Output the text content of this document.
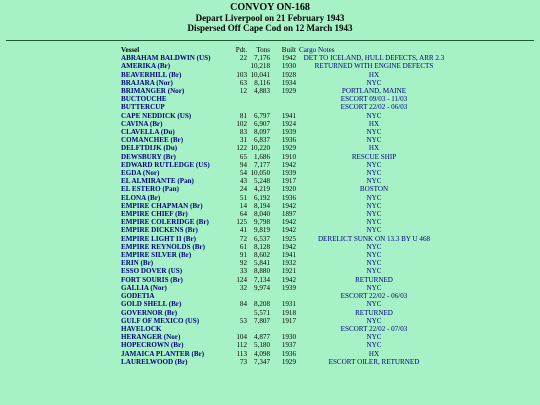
CONVOY ON-168
Depart Liverpool on 21 February 1943
Dispersed Off Cape Cod on 12 March 1943
Vessel	Pdt.	Tons	Built	Cargo Notes
ABRAHAM BALDWIN (US)	22	7,176	1942	DET TO ICELAND, HULL DEFECTS, ARR 2.3
AMERIKA (Br)		10,218	1930	RETURNED WITH ENGINE DEFECTS
BEAVERHILL (Br)	103	10,041	1928	HX
BRAJARA (Nor)	63	8,116	1934	NYC
BRIMANGER (Nor)	12	4,883	1929	PORTLAND, MAINE
BUCTOUCHE				ESCORT 09/03 - 11/03
BUTTERCUP				ESCORT 22/02 - 06/03
CAPE NEDDICK (US)	81	6,797	1941	NYC
CAVINA (Br)	102	6,907	1924	HX
CLAVELLA (Du)	83	8,097	1939	NYC
COMANCHEE (Br)	31	6,837	1936	NYC
DELFTDIJK (Du)	122	10,220	1929	HX
DEWSBURY (Br)	65	1,686	1910	RESCUE SHIP
EDWARD RUTLEDGE (US)	94	7,177	1942	NYC
EGDA (Nor)	54	10,050	1939	NYC
EL ALMIRANTE (Pan)	43	5,248	1917	NYC
EL ESTERO (Pan)	24	4,219	1920	BOSTON
ELONA (Br)	51	6,192	1936	NYC
EMPIRE CHAPMAN (Br)	14	8,194	1942	NYC
EMPIRE CHIEF (Br)	64	8,040	1897	NYC
EMPIRE COLERIDGE (Br)	125	9,798	1942	NYC
EMPIRE DICKENS (Br)	41	9,819	1942	NYC
EMPIRE LIGHT II (Br)	72	6,537	1925	DERELICT SUNK ON 13.3 BY U 468
EMPIRE REYNOLDS (Br)	61	8,128	1942	NYC
EMPIRE SILVER (Br)	91	8,602	1941	NYC
ERIN (Br)	92	5,841	1932	NYC
ESSO DOVER (US)	33	8,880	1921	NYC
FORT SOURIS (Br)	124	7,134	1942	RETURNED
GALLIA (Nor)	32	9,974	1939	NYC
GODETIA				ESCORT 22/02 - 06/03
GOLD SHELL (Br)	84	8,208	1931	NYC
GOVERNOR (Br)		5,571	1918	RETURNED
GULF OF MEXICO (US)	53	7,807	1917	NYC
HAVELOCK				ESCORT 22/02 - 07/03
HERANGER (Nor)	104	4,877	1930	NYC
HOPECROWN (Br)	112	5,180	1937	NYC
JAMAICA PLANTER (Br)	113	4,098	1936	HX
LAURELWOOD (Br)	73	7,347	1929	ESCORT OILER, RETURNED
